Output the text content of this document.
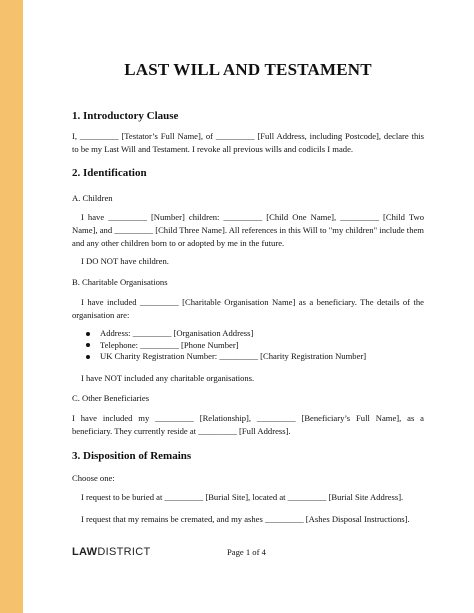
LAST WILL AND TESTAMENT
1. Introductory Clause
I, _________ [Testator’s Full Name], of _________ [Full Address, including Postcode], declare this to be my Last Will and Testament. I revoke all previous wills and codicils I made.
2. Identification
A. Children
I have _________ [Number] children: _________ [Child One Name], _________ [Child Two Name], and _________ [Child Three Name]. All references in this Will to "my children" include them and any other children born to or adopted by me in the future.
I DO NOT have children.
B. Charitable Organisations
I have included _________ [Charitable Organisation Name] as a beneficiary. The details of the organisation are:
Address: _________ [Organisation Address]
Telephone: _________ [Phone Number]
UK Charity Registration Number: _________ [Charity Registration Number]
I have NOT included any charitable organisations.
C. Other Beneficiaries
I have included my _________ [Relationship], _________ [Beneficiary’s Full Name], as a beneficiary. They currently reside at _________ [Full Address].
3. Disposition of Remains
Choose one:
I request to be buried at _________ [Burial Site], located at _________ [Burial Site Address].
I request that my remains be cremated, and my ashes _________ [Ashes Disposal Instructions].
LAWDISTRICT	Page 1 of 4
